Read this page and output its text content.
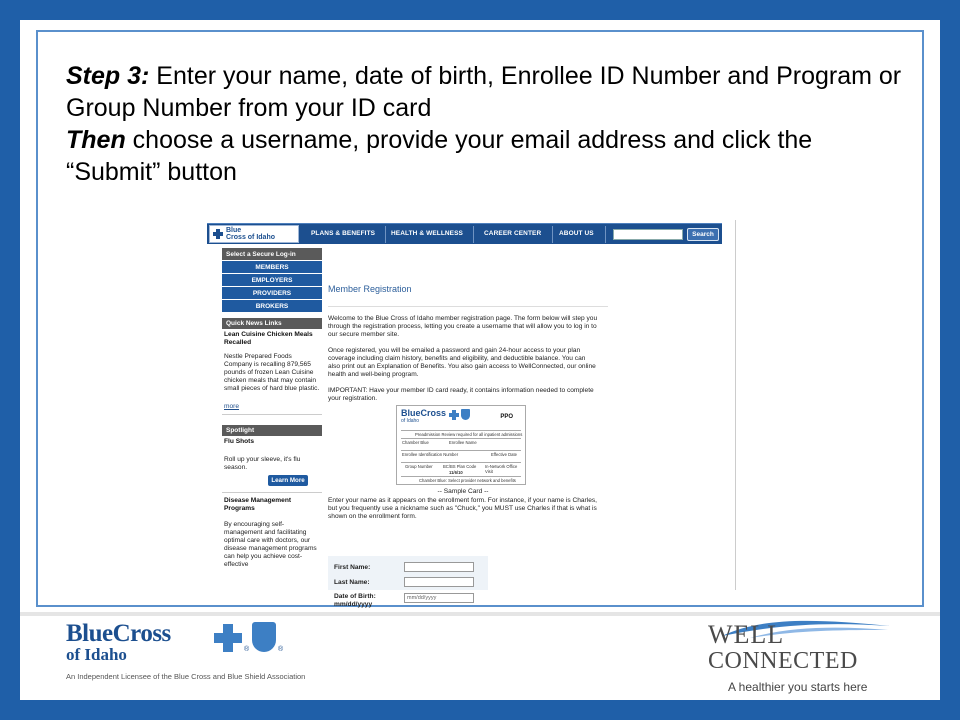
Step 3: Enter your name, date of birth, Enrollee ID Number and Program or Group Number from your ID card
Then choose a username, provide your email address and click the “Submit” button
Blue
Cross of Idaho
PLANS & BENEFITS HEALTH & WELLNESS	CAREER CENTER	ABOUT US	Search
Select a Secure Log-in
MEMBERS
EMPLOYERS
PROVIDERS
BROKERS
Quick News Links
Lean Cuisine Chicken Meals Recalled
Nestle Prepared Foods Company is recalling 879,565 pounds of frozen Lean Cuisine chicken meals that may contain small pieces of hard blue plastic.
more
Spotlight
Flu Shots
Roll up your sleeve, it's flu season.
Learn More
Disease Management Programs
By encouraging self-management and facilitating optimal care with doctors, our disease management programs can help you achieve cost-effective
Member Registration
Welcome to the Blue Cross of Idaho member registration page. The form below will step you through the registration process, letting you create a username that will allow you to log in to our secure member site.
Once registered, you will be emailed a password and gain 24-hour access to your plan coverage including claim history, benefits and eligibility, and deductible balance. You can also print out an Explanation of Benefits. You also gain access to WellConnected, our online health and well-being program.
IMPORTANT: Have your member ID card ready, it contains information needed to complete your registration.
BlueCross
of Idaho
PPO
Preadmission Review required for all inpatient admissions
Chamber Blue	Enrollee Name
Enrollee Identification Number	Effective Date
Group Number BC/BS Plan Code In-Network Office Visit
11/6/10
Chamber Blue: Select provider network and benefits
-- Sample Card --
Enter your name as it appears on the enrollment form. For instance, if your name is Charles, but you frequently use a nickname such as "Chuck," you MUST use Charles if that is what is shown on the enrollment form.
First Name:
Last Name:
Date of Birth: mm/dd/yyyy
mm/dd/yyyy
BlueCross
of Idaho	®	®
An Independent Licensee of the Blue Cross and Blue Shield Association
WELL
CONNECTED
A healthier you starts here
